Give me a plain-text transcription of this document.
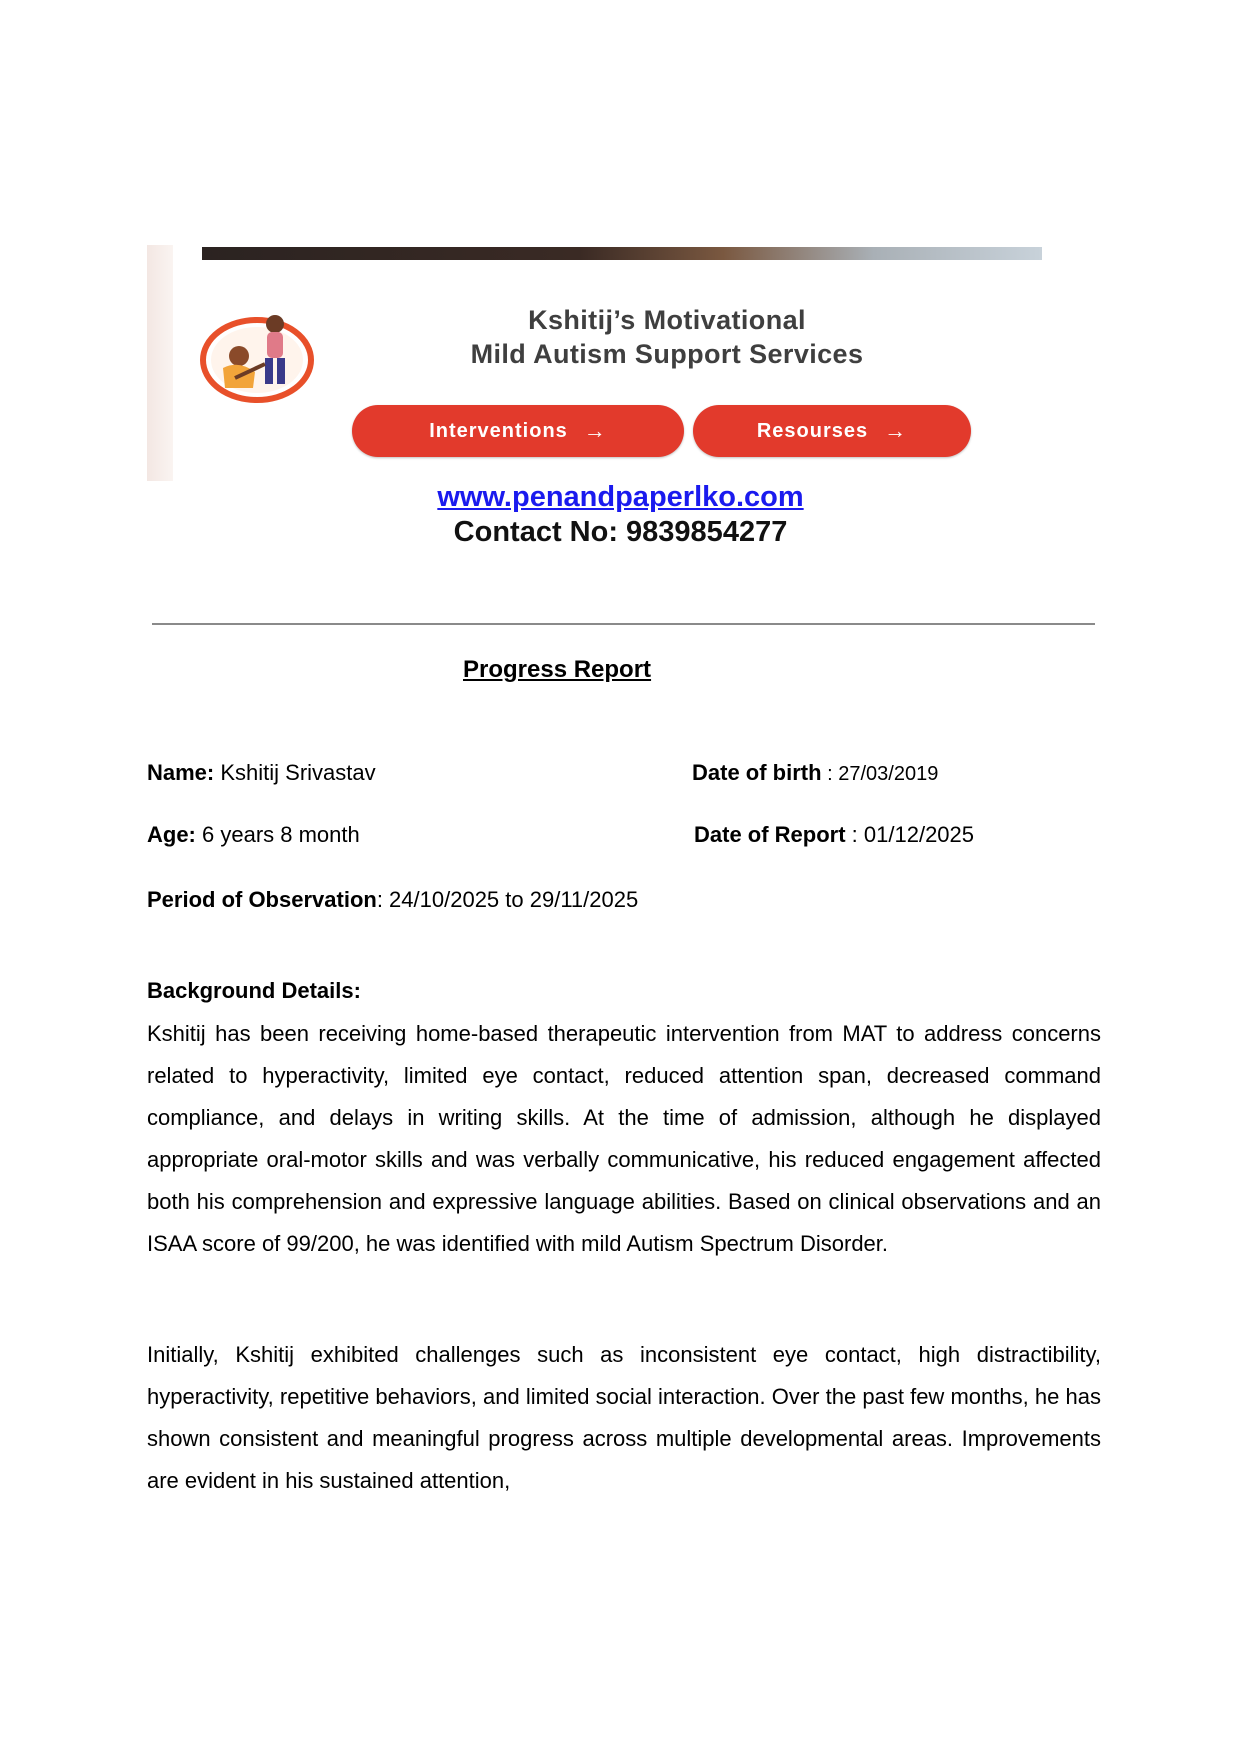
Kshitij’s Motivational
Mild Autism Support Services
Interventions →	Resourses →
www.penandpaperlko.com
Contact No: 9839854277
Progress Report
Name: Kshitij Srivastav	Date of birth : 27/03/2019
Age: 6 years 8 month	Date of Report : 01/12/2025
Period of Observation: 24/10/2025 to 29/11/2025
Background Details:

Kshitij has been receiving home-based therapeutic intervention from MAT to address concerns related to hyperactivity, limited eye contact, reduced attention span, decreased command compliance, and delays in writing skills. At the time of admission, although he displayed appropriate oral-motor skills and was verbally communicative, his reduced engagement affected both his comprehension and expressive language abilities. Based on clinical observations and an ISAA score of 99/200, he was identified with mild Autism Spectrum Disorder.

Initially, Kshitij exhibited challenges such as inconsistent eye contact, high distractibility, hyperactivity, repetitive behaviors, and limited social interaction. Over the past few months, he has shown consistent and meaningful progress across multiple developmental areas. Improvements are evident in his sustained attention,
